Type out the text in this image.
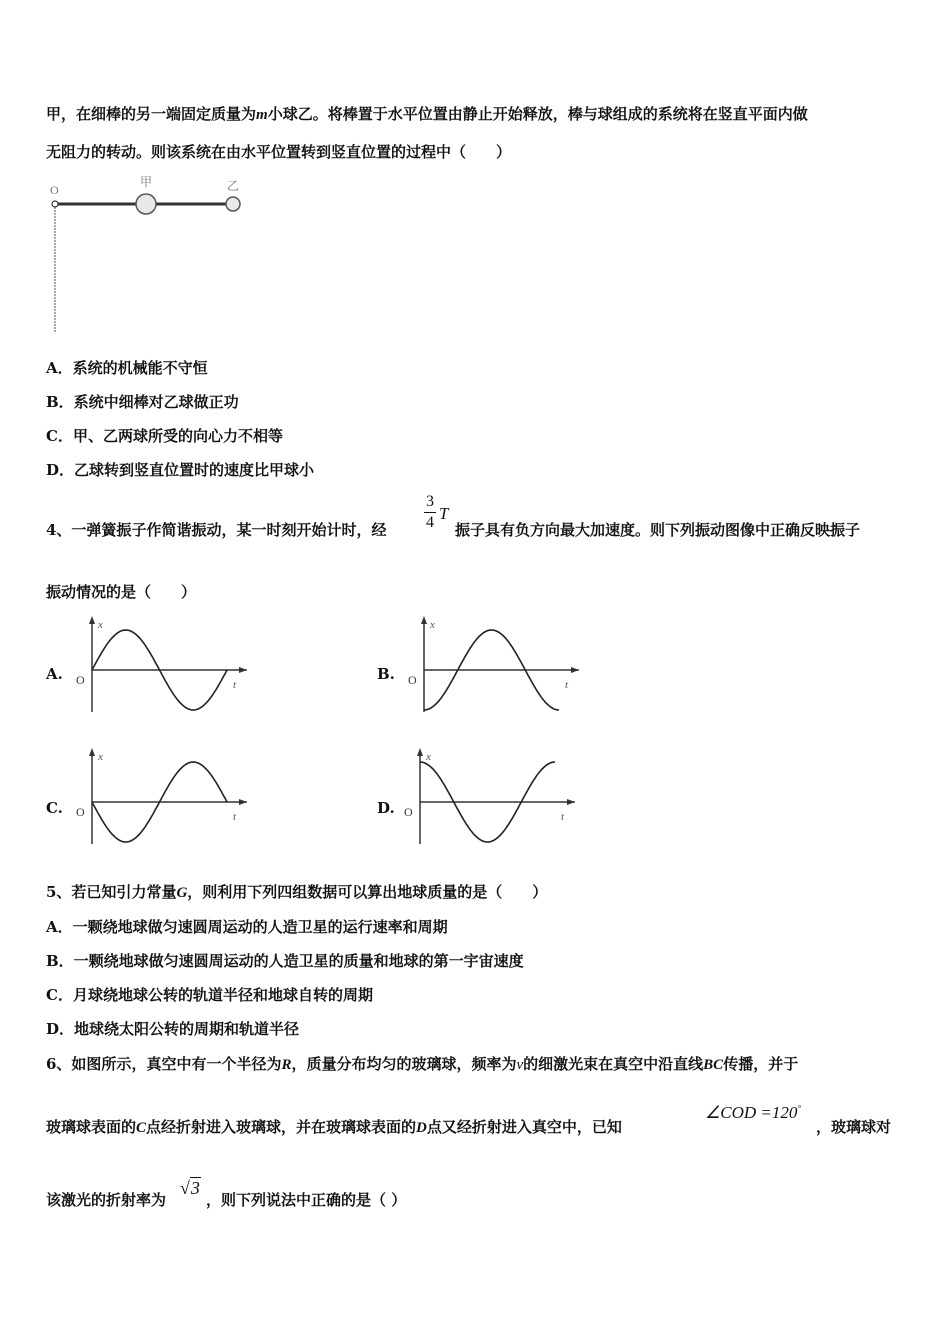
甲，在细棒的另一端固定质量为m小球乙。将棒置于水平位置由静止开始释放，棒与球组成的系统将在竖直平面内做
无阻力的转动。则该系统在由水平位置转到竖直位置的过程中（　　）
O
甲	乙
A．系统的机械能不守恒
B．系统中细棒对乙球做正功
C．甲、乙两球所受的向心力不相等
D．乙球转到竖直位置时的速度比甲球小
4、一弹簧振子作简谐振动，某一时刻开始计时，经
3
4 T
振子具有负方向最大加速度。则下列振动图像中正确反映振子
振动情况的是（　　）
A. O	t
x
B. O	t
x
C. O	t
x
D. O	t
x
5、若已知引力常量G，则利用下列四组数据可以算出地球质量的是（　　）
A．一颗绕地球做匀速圆周运动的人造卫星的运行速率和周期
B．一颗绕地球做匀速圆周运动的人造卫星的质量和地球的第一宇宙速度
C．月球绕地球公转的轨道半径和地球自转的周期
D．地球绕太阳公转的周期和轨道半径
6、如图所示，真空中有一个半径为R，质量分布均匀的玻璃球，频率为ν的细激光束在真空中沿直线BC传播，并于
玻璃球表面的C点经折射进入玻璃球，并在玻璃球表面的D点又经折射进入真空中，已知
∠COD =120°
，玻璃球对
该激光的折射率为
√3
，则下列说法中正确的是（ ）
